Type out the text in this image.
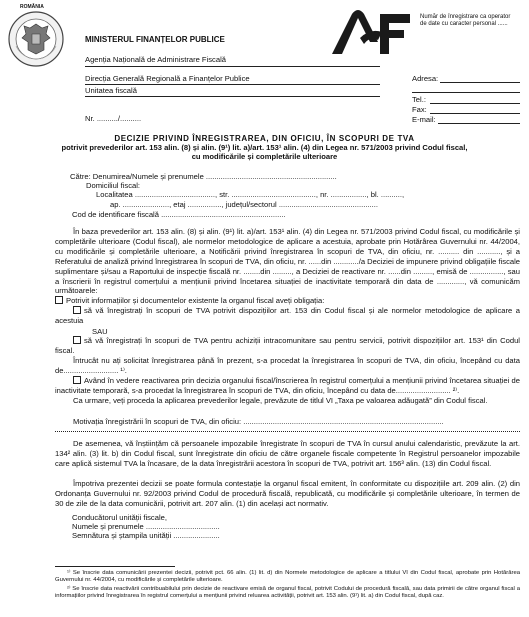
ROMÂNIA
Număr de înregistrare ca operator de date cu caracter personal ......
MINISTERUL FINANȚELOR PUBLICE
Agenția Națională de Administrare Fiscală
Direcția Generală Regională a Finanțelor Publice
Unitatea fiscală
Nr. ........../..........
Adresa:
Tel.:
Fax:
E-mail:
DECIZIE PRIVIND ÎNREGISTRAREA, DIN OFICIU, ÎN SCOPURI DE TVA
potrivit prevederilor art. 153 alin. (8) și alin. (9¹) lit. a)/art. 153¹ alin. (4) din Legea nr. 571/2003 privind Codul fiscal,
cu modificările și completările ulterioare
Către: Denumirea/Numele și prenumele ..............................................................
Domiciliul fiscal:
Localitatea ......................................, str. ........................................, nr. ................., bl. ..........,
ap. ......................, etaj ................, județul/sectorul ...............................................
Cod de identificare fiscală ...........................................................
În baza prevederilor art. 153 alin. (8) și alin. (9¹) lit. a)/art. 153¹ alin. (4) din Legea nr. 571/2003 privind Codul fiscal, cu modificările și completările ulterioare (Codul fiscal), ale normelor metodologice de aplicare a acestuia, aprobate prin Hotărârea Guvernului nr. 44/2004, cu modificările și completările ulterioare, a Notificării privind înregistrarea în scopuri de TVA, din oficiu, nr. .......... din ..........., și a Referatului de analiză privind înregistrarea în scopuri de TVA, din oficiu, nr. ......din ............/a Deciziei de impunere privind obligațiile fiscale suplimentare și/sau a Raportului de inspecție fiscală nr. ........din ........., a Deciziei de reactivare nr. ......din ........., emisă de ................, sau a înscrierii în registrul comerțului a mențiunii privind încetarea situației de inactivitate temporară din data de ............., vă comunicăm următoarele:
Potrivit informațiilor și documentelor existente la organul fiscal aveți obligația:
să vă înregistrați în scopuri de TVA potrivit dispozițiilor art. 153 din Codul fiscal și ale normelor metodologice de aplicare a acestuia
SAU
să vă înregistrați în scopuri de TVA pentru achiziții intracomunitare sau pentru servicii, potrivit dispozițiilor art. 153¹ din Codul fiscal.
Întrucât nu ați solicitat înregistrarea până în prezent, s-a procedat la înregistrarea în scopuri de TVA, din oficiu, începând cu data de.......................... ¹⁾.
Având în vedere reactivarea prin decizia organului fiscal/înscrierea în registrul comerțului a mențiunii privind încetarea situației de inactivitate temporară, s-a procedat la înregistrarea în scopuri de TVA, din oficiu, începând cu data de.......................... ²⁾.
Ca urmare, veți proceda la aplicarea prevederilor legale, prevăzute de titlul VI „Taxa pe valoarea adăugată” din Codul fiscal.
Motivația înregistrării în scopuri de TVA, din oficiu: ...............................................................................................
De asemenea, vă înștiințăm că persoanele impozabile înregistrate în scopuri de TVA în cursul anului calendaristic, prevăzute la art. 134² alin. (3) lit. b) din Codul fiscal, sunt înregistrate din oficiu de către organele fiscale competente în Registrul persoanelor impozabile care aplică sistemul TVA la încasare, de la data înregistrării acestora în scopuri de TVA, potrivit art. 156³ alin. (13) din Codul fiscal.
Împotriva prezentei decizii se poate formula contestație la organul fiscal emitent, în conformitate cu dispozițiile art. 209 alin. (2) din Ordonanța Guvernului nr. 92/2003 privind Codul de procedură fiscală, republicată, cu modificările și completările ulterioare, în termen de 30 de zile de la data comunicării, potrivit art. 207 alin. (1) din același act normativ.
Conducătorul unității fiscale,
Numele și prenumele ...................................
Semnătura și ștampila unității ......................
¹⁾ Se înscrie data comunicării prezentei decizii, potrivit pct. 66 alin. (1) lit. d) din Normele metodologice de aplicare a titlului VI din Codul fiscal, aprobate prin Hotărârea Guvernului nr. 44/2004, cu modificările și completările ulterioare.
²⁾ Se înscrie data reactivării contribuabilului prin decizie de reactivare emisă de organul fiscal, potrivit Codului de procedură fiscală, sau data primirii de către organul fiscal a informațiilor privind înregistrarea în registrul comerțului a mențiunii privind reluarea activității, potrivit art. 153 alin. (9¹) lit. a) din Codul fiscal, după caz.
